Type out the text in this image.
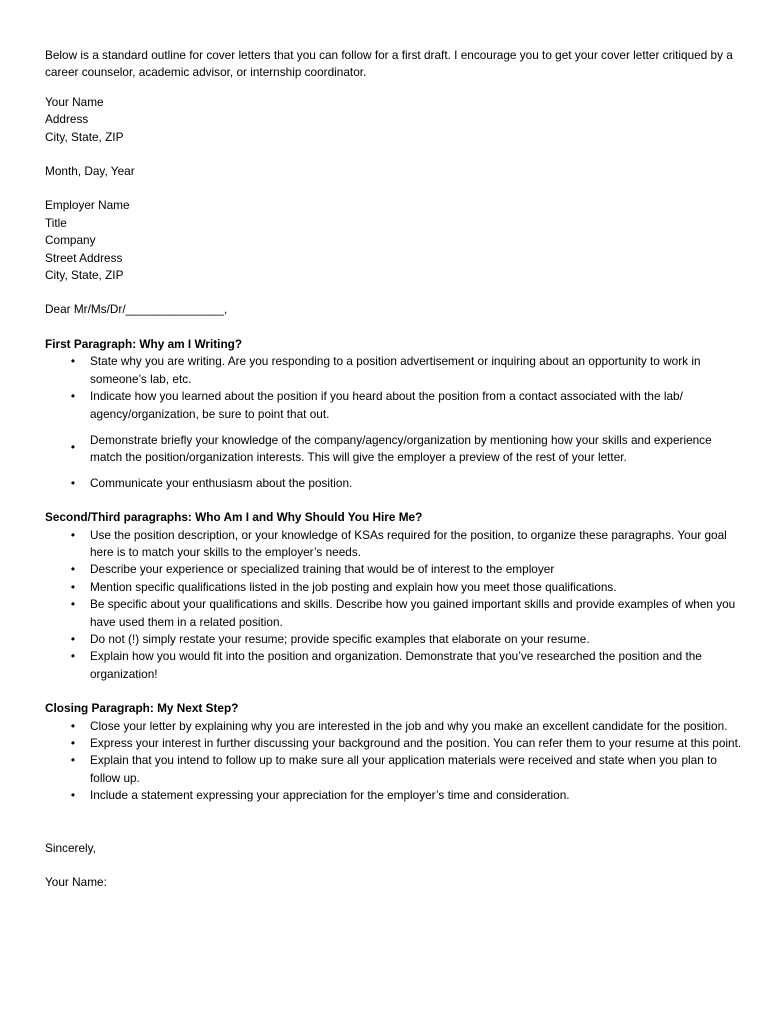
Below is a standard outline for cover letters that you can follow for a first draft. I encourage you to get your cover letter critiqued by a career counselor, academic advisor, or internship coordinator.

Your Name

Address

City, State, ZIP

Month, Day, Year

Employer Name

Title

Company

Street Address

City, State, ZIP

Dear Mr/Ms/Dr/_______________,

First Paragraph: Why am I Writing?

• State why you are writing. Are you responding to a position advertisement or inquiring about an opportunity to work in someone’s lab, etc.
• Indicate how you learned about the position if you heard about the position from a contact associated with the lab/ agency/organization, be sure to point that out.
• Demonstrate briefly your knowledge of the company/agency/organization by mentioning how your skills and experience match the position/organization interests. This will give the employer a preview of the rest of your letter.
• Communicate your enthusiasm about the position.

Second/Third paragraphs: Who Am I and Why Should You Hire Me?

• Use the position description, or your knowledge of KSAs required for the position, to organize these paragraphs. Your goal here is to match your skills to the employer’s needs.
• Describe your experience or specialized training that would be of interest to the employer
• Mention specific qualifications listed in the job posting and explain how you meet those qualifications.
• Be specific about your qualifications and skills. Describe how you gained important skills and provide examples of when you have used them in a related position.
• Do not (!) simply restate your resume; provide specific examples that elaborate on your resume.
• Explain how you would fit into the position and organization. Demonstrate that you’ve researched the position and the organization!

Closing Paragraph: My Next Step?

• Close your letter by explaining why you are interested in the job and why you make an excellent candidate for the position.
• Express your interest in further discussing your background and the position. You can refer them to your resume at this point.
• Explain that you intend to follow up to make sure all your application materials were received and state when you plan to follow up.
• Include a statement expressing your appreciation for the employer’s time and consideration.

Sincerely,

Your Name:
